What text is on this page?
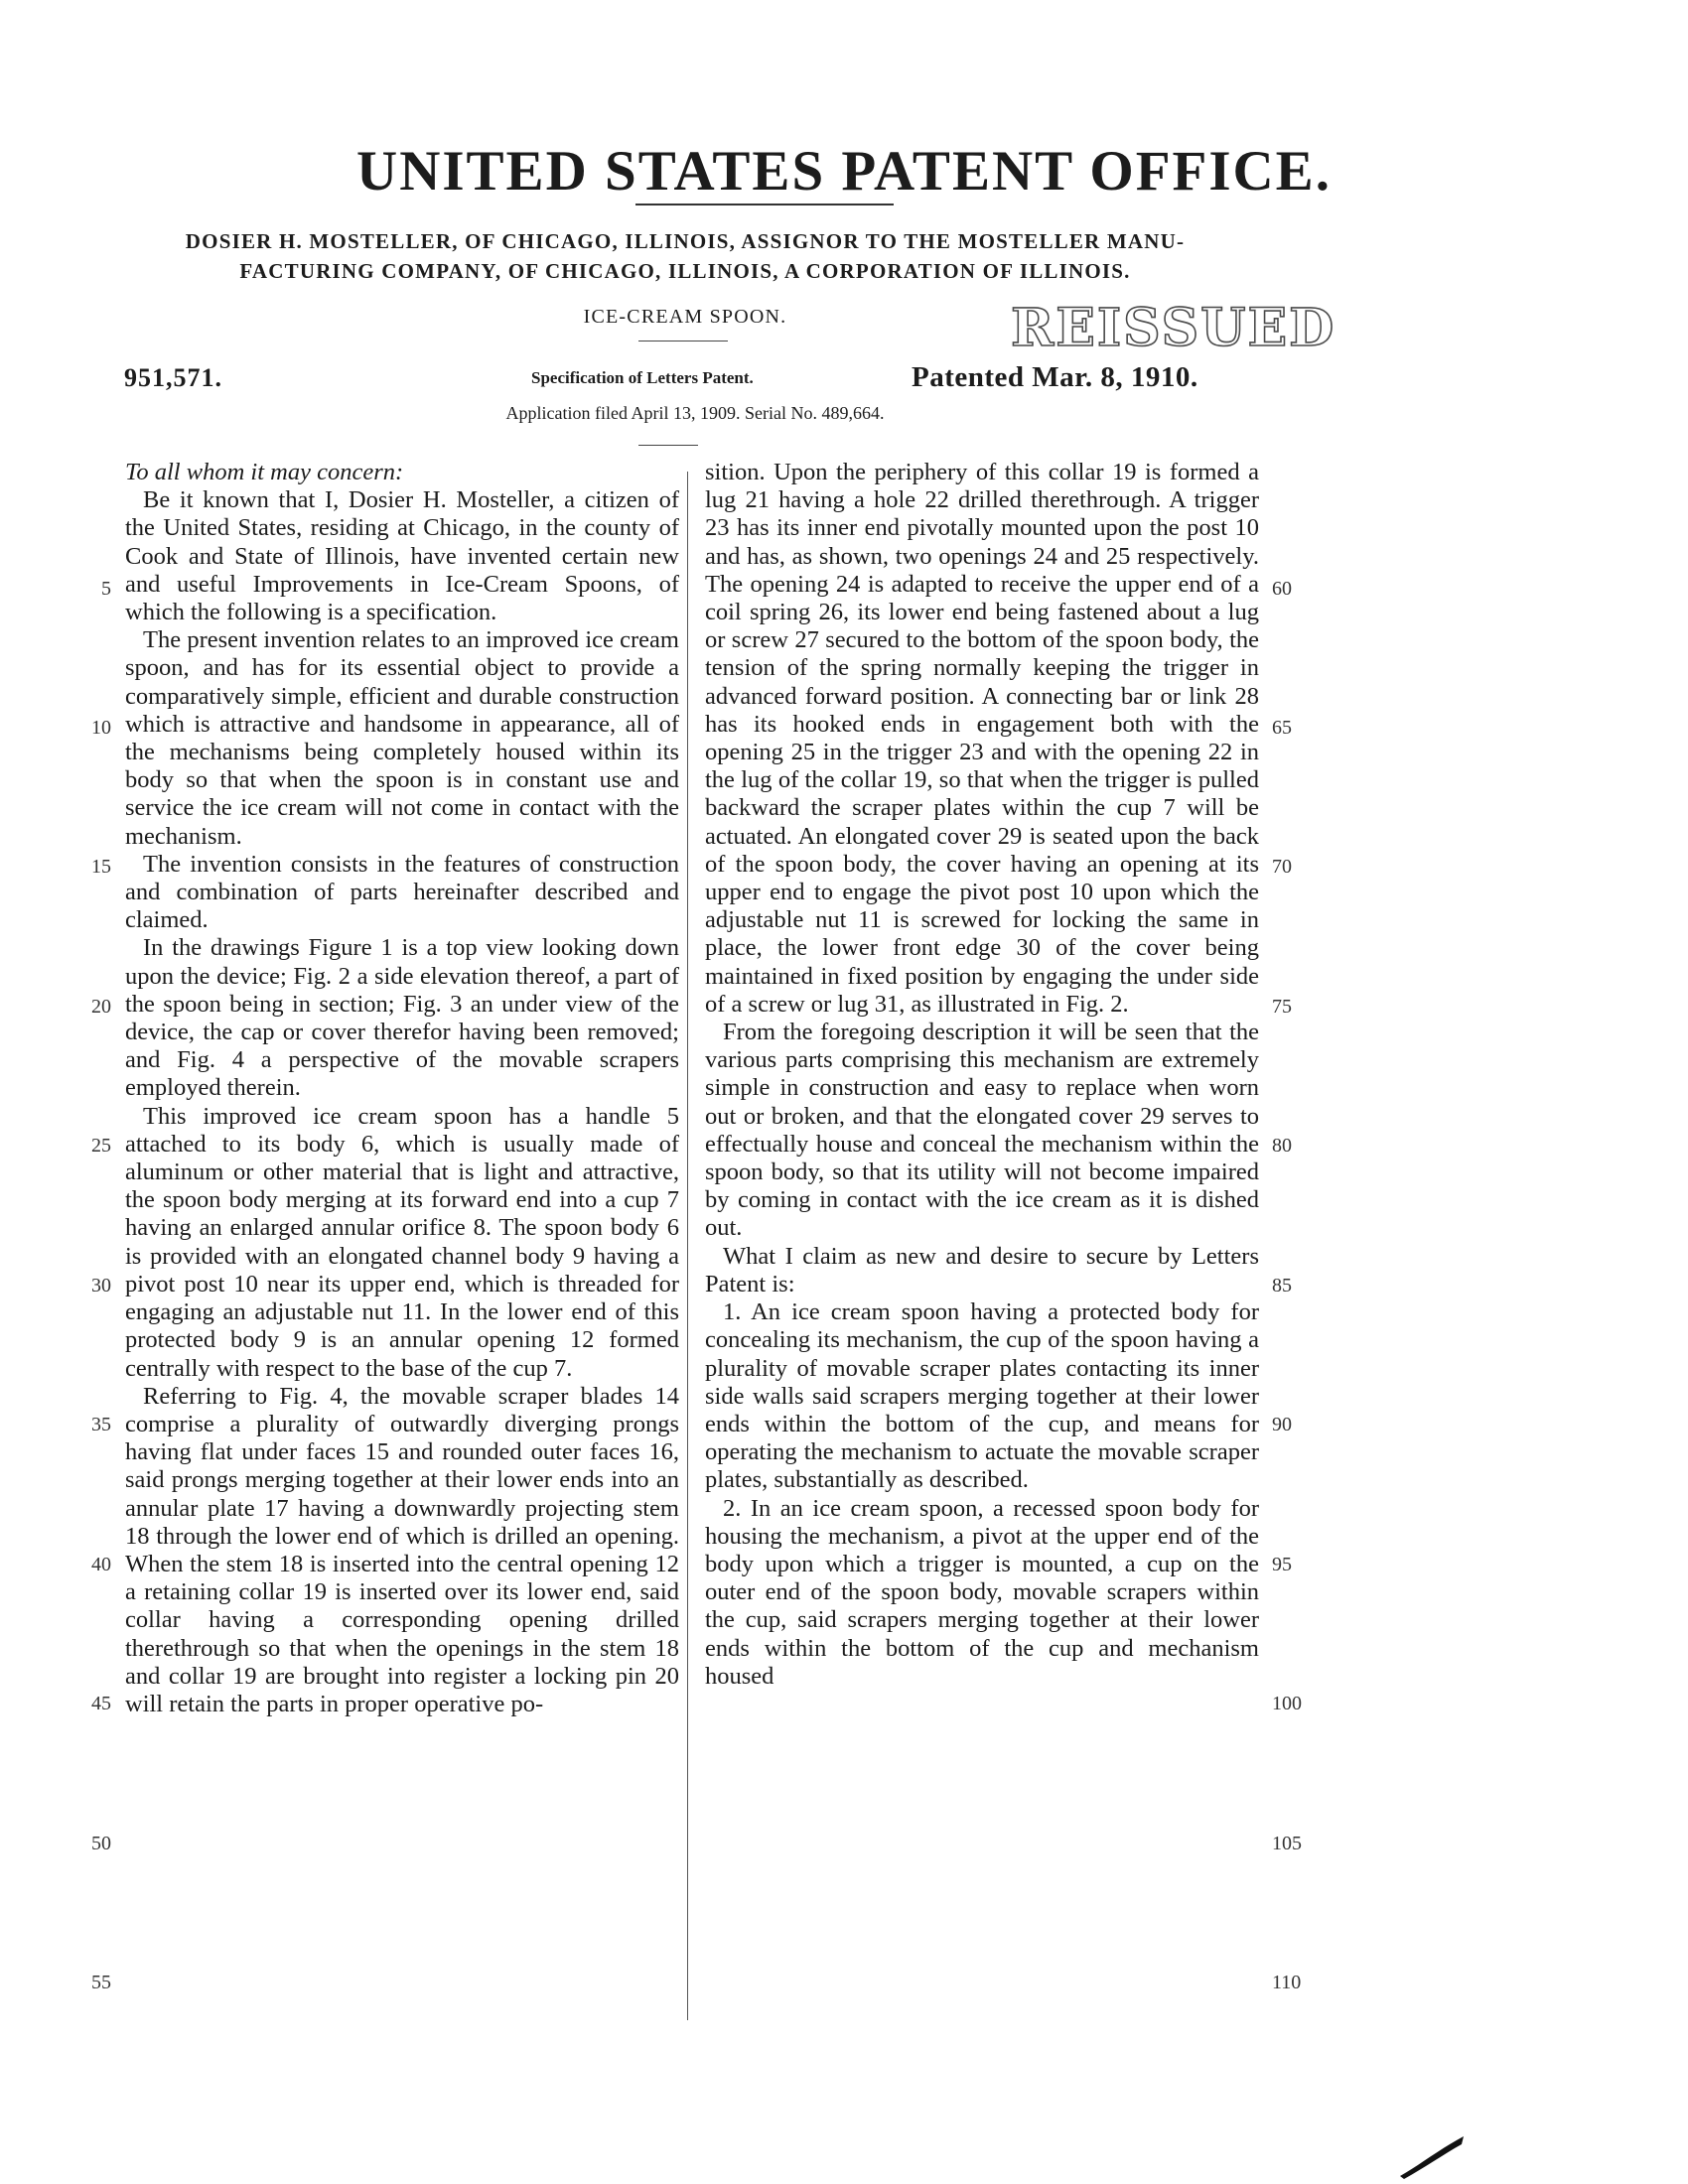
UNITED STATES PATENT OFFICE.
DOSIER H. MOSTELLER, OF CHICAGO, ILLINOIS, ASSIGNOR TO THE MOSTELLER MANU-
FACTURING COMPANY, OF CHICAGO, ILLINOIS, A CORPORATION OF ILLINOIS.
ICE-CREAM SPOON.	REISSUED
951,571.	Specification of Letters Patent.	Patented Mar. 8, 1910.
Application filed April 13, 1909. Serial No. 489,664.

To all whom it may concern:

Be it known that I, Dosier H. Mosteller, a citizen of the United States, residing at Chicago, in the county of Cook and State of Illinois, have invented certain new and useful Improvements in Ice-Cream Spoons, of which the following is a specification.

The present invention relates to an improved ice cream spoon, and has for its essential object to provide a comparatively simple, efficient and durable construction which is attractive and handsome in appearance, all of the mechanisms being completely housed within its body so that when the spoon is in constant use and service the ice cream will not come in contact with the mechanism.

The invention consists in the features of construction and combination of parts hereinafter described and claimed.

In the drawings Figure 1 is a top view looking down upon the device; Fig. 2 a side elevation thereof, a part of the spoon being in section; Fig. 3 an under view of the device, the cap or cover therefor having been removed; and Fig. 4 a perspective of the movable scrapers employed therein.

This improved ice cream spoon has a handle 5 attached to its body 6, which is usually made of aluminum or other material that is light and attractive, the spoon body merging at its forward end into a cup 7 having an enlarged annular orifice 8. The spoon body 6 is provided with an elongated channel body 9 having a pivot post 10 near its upper end, which is threaded for engaging an adjustable nut 11. In the lower end of this protected body 9 is an annular opening 12 formed centrally with respect to the base of the cup 7.

Referring to Fig. 4, the movable scraper blades 14 comprise a plurality of outwardly diverging prongs having flat under faces 15 and rounded outer faces 16, said prongs merging together at their lower ends into an annular plate 17 having a downwardly projecting stem 18 through the lower end of which is drilled an opening. When the stem 18 is inserted into the central opening 12 a retaining collar 19 is inserted over its lower end, said collar having a corresponding opening drilled therethrough so that when the openings in the stem 18 and collar 19 are brought into register a locking pin 20 will retain the parts in proper operative po-

sition. Upon the periphery of this collar 19 is formed a lug 21 having a hole 22 drilled therethrough. A trigger 23 has its inner end pivotally mounted upon the post 10 and has, as shown, two openings 24 and 25 respectively. The opening 24 is adapted to receive the upper end of a coil spring 26, its lower end being fastened about a lug or screw 27 secured to the bottom of the spoon body, the tension of the spring normally keeping the trigger in advanced forward position. A connecting bar or link 28 has its hooked ends in engagement both with the opening 25 in the trigger 23 and with the opening 22 in the lug of the collar 19, so that when the trigger is pulled backward the scraper plates within the cup 7 will be actuated. An elongated cover 29 is seated upon the back of the spoon body, the cover having an opening at its upper end to engage the pivot post 10 upon which the adjustable nut 11 is screwed for locking the same in place, the lower front edge 30 of the cover being maintained in fixed position by engaging the under side of a screw or lug 31, as illustrated in Fig. 2.

From the foregoing description it will be seen that the various parts comprising this mechanism are extremely simple in construction and easy to replace when worn out or broken, and that the elongated cover 29 serves to effectually house and conceal the mechanism within the spoon body, so that its utility will not become impaired by coming in contact with the ice cream as it is dished out.

What I claim as new and desire to secure by Letters Patent is:

1. An ice cream spoon having a protected body for concealing its mechanism, the cup of the spoon having a plurality of movable scraper plates contacting its inner side walls said scrapers merging together at their lower ends within the bottom of the cup, and means for operating the mechanism to actuate the movable scraper plates, substantially as described.

2. In an ice cream spoon, a recessed spoon body for housing the mechanism, a pivot at the upper end of the body upon which a trigger is mounted, a cup on the outer end of the spoon body, movable scrapers within the cup, said scrapers merging together at their lower ends within the bottom of the cup and mechanism housed

5
10
15
20
25
30
35
40
45
50
55
60
65
70
75
80
85
90
95
100
105
110
